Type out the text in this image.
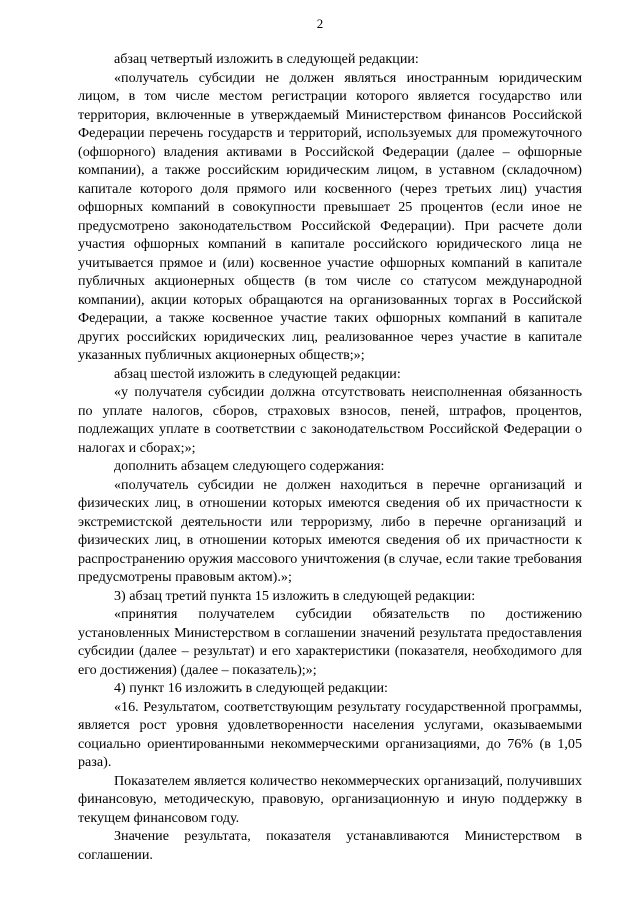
2

абзац четвертый изложить в следующей редакции:

«получатель субсидии не должен являться иностранным юридическим лицом, в том числе местом регистрации которого является государство или территория, включенные в утверждаемый Министерством финансов Российской Федерации перечень государств и территорий, используемых для промежуточного (офшорного) владения активами в Российской Федерации (далее – офшорные компании), а также российским юридическим лицом, в уставном (складочном) капитале которого доля прямого или косвенного (через третьих лиц) участия офшорных компаний в совокупности превышает 25 процентов (если иное не предусмотрено законодательством Российской Федерации). При расчете доли участия офшорных компаний в капитале российского юридического лица не учитывается прямое и (или) косвенное участие офшорных компаний в капитале публичных акционерных обществ (в том числе со статусом международной компании), акции которых обращаются на организованных торгах в Российской Федерации, а также косвенное участие таких офшорных компаний в капитале других российских юридических лиц, реализованное через участие в капитале указанных публичных акционерных обществ;»;

абзац шестой изложить в следующей редакции:

«у получателя субсидии должна отсутствовать неисполненная обязанность по уплате налогов, сборов, страховых взносов, пеней, штрафов, процентов, подлежащих уплате в соответствии с законодательством Российской Федерации о налогах и сборах;»;

дополнить абзацем следующего содержания:

«получатель субсидии не должен находиться в перечне организаций и физических лиц, в отношении которых имеются сведения об их причастности к экстремистской деятельности или терроризму, либо в перечне организаций и физических лиц, в отношении которых имеются сведения об их причастности к распространению оружия массового уничтожения (в случае, если такие требования предусмотрены правовым актом).»;

3) абзац третий пункта 15 изложить в следующей редакции:

«принятия получателем субсидии обязательств по достижению установленных Министерством в соглашении значений результата предоставления субсидии (далее – результат) и его характеристики (показателя, необходимого для его достижения) (далее – показатель);»;

4) пункт 16 изложить в следующей редакции:

«16. Результатом, соответствующим результату государственной программы, является рост уровня удовлетворенности населения услугами, оказываемыми социально ориентированными некоммерческими организациями, до 76% (в 1,05 раза).

Показателем является количество некоммерческих организаций, получивших финансовую, методическую, правовую, организационную и иную поддержку в текущем финансовом году.

Значение результата, показателя устанавливаются Министерством в соглашении.
